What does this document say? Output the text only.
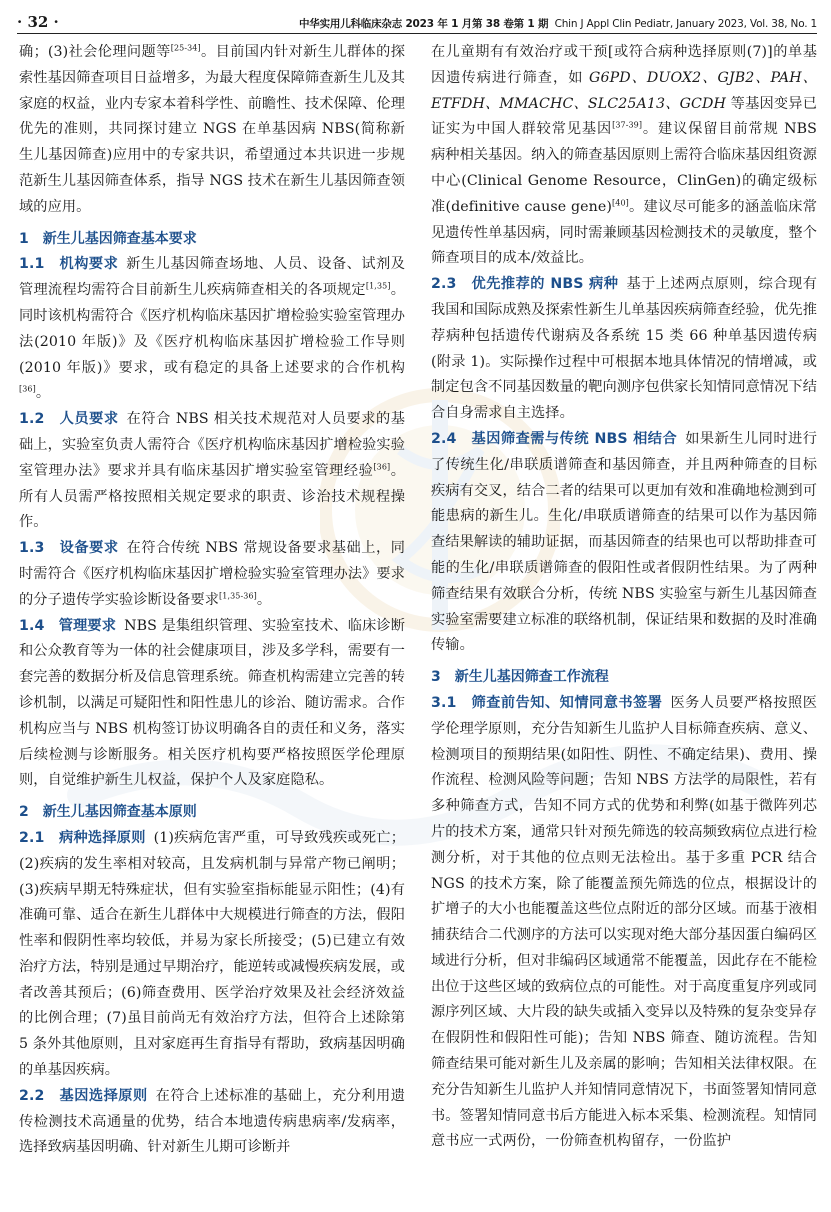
· 32 ·	中华实用儿科临床杂志 2023 年 1 月第 38 卷第 1 期 Chin J Appl Clin Pediatr, January 2023, Vol. 38, No. 1

确；(3)社会伦理问题等[25-34]。目前国内针对新生儿群体的探索性基因筛查项目日益增多，为最大程度保障筛查新生儿及其家庭的权益，业内专家本着科学性、前瞻性、技术保障、伦理优先的准则，共同探讨建立 NGS 在单基因病 NBS(简称新生儿基因筛查)应用中的专家共识，希望通过本共识进一步规范新生儿基因筛查体系，指导 NGS 技术在新生儿基因筛查领域的应用。

1　新生儿基因筛查基本要求

1.1　机构要求 新生儿基因筛查场地、人员、设备、试剂及管理流程均需符合目前新生儿疾病筛查相关的各项规定[1,35]。同时该机构需符合《医疗机构临床基因扩增检验实验室管理办法(2010 年版)》及《医疗机构临床基因扩增检验工作导则(2010 年版)》要求，或有稳定的具备上述要求的合作机构[36]。

1.2　人员要求 在符合 NBS 相关技术规范对人员要求的基础上，实验室负责人需符合《医疗机构临床基因扩增检验实验室管理办法》要求并具有临床基因扩增实验室管理经验[36]。所有人员需严格按照相关规定要求的职责、诊治技术规程操作。

1.3　设备要求 在符合传统 NBS 常规设备要求基础上，同时需符合《医疗机构临床基因扩增检验实验室管理办法》要求的分子遗传学实验诊断设备要求[1,35-36]。

1.4　管理要求 NBS 是集组织管理、实验室技术、临床诊断和公众教育等为一体的社会健康项目，涉及多学科，需要有一套完善的数据分析及信息管理系统。筛查机构需建立完善的转诊机制，以满足可疑阳性和阳性患儿的诊治、随访需求。合作机构应当与 NBS 机构签订协议明确各自的责任和义务，落实后续检测与诊断服务。相关医疗机构要严格按照医学伦理原则，自觉维护新生儿权益，保护个人及家庭隐私。

2　新生儿基因筛查基本原则

2.1　病种选择原则 (1)疾病危害严重，可导致残疾或死亡；(2)疾病的发生率相对较高，且发病机制与异常产物已阐明；(3)疾病早期无特殊症状，但有实验室指标能显示阳性；(4)有准确可靠、适合在新生儿群体中大规模进行筛查的方法，假阳性率和假阴性率均较低，并易为家长所接受；(5)已建立有效治疗方法，特别是通过早期治疗，能逆转或减慢疾病发展，或者改善其预后；(6)筛查费用、医学治疗效果及社会经济效益的比例合理；(7)虽目前尚无有效治疗方法，但符合上述除第 5 条外其他原则，且对家庭再生育指导有帮助，致病基因明确的单基因疾病。

2.2　基因选择原则 在符合上述标准的基础上，充分利用遗传检测技术高通量的优势，结合本地遗传病患病率/发病率，选择致病基因明确、针对新生儿期可诊断并

在儿童期有有效治疗或干预[或符合病种选择原则(7)]的单基因遗传病进行筛查，如 G6PD、DUOX2、GJB2、PAH、ETFDH、MMACHC、SLC25A13、GCDH 等基因变异已证实为中国人群较常见基因[37-39]。建议保留目前常规 NBS 病种相关基因。纳入的筛查基因原则上需符合临床基因组资源中心(Clinical Genome Resource，ClinGen)的确定级标准(definitive cause gene)[40]。建议尽可能多的涵盖临床常见遗传性单基因病，同时需兼顾基因检测技术的灵敏度，整个筛查项目的成本/效益比。

2.3　优先推荐的 NBS 病种 基于上述两点原则，综合现有我国和国际成熟及探索性新生儿单基因疾病筛查经验，优先推荐病种包括遗传代谢病及各系统 15 类 66 种单基因遗传病(附录 1)。实际操作过程中可根据本地具体情况的情增减，或制定包含不同基因数量的靶向测序包供家长知情同意情况下结合自身需求自主选择。

2.4　基因筛查需与传统 NBS 相结合 如果新生儿同时进行了传统生化/串联质谱筛查和基因筛查，并且两种筛查的目标疾病有交叉，结合二者的结果可以更加有效和准确地检测到可能患病的新生儿。生化/串联质谱筛查的结果可以作为基因筛查结果解读的辅助证据，而基因筛查的结果也可以帮助排查可能的生化/串联质谱筛查的假阳性或者假阴性结果。为了两种筛查结果有效联合分析，传统 NBS 实验室与新生儿基因筛查实验室需要建立标准的联络机制，保证结果和数据的及时准确传输。

3　新生儿基因筛查工作流程

3.1　筛查前告知、知情同意书签署 医务人员要严格按照医学伦理学原则，充分告知新生儿监护人目标筛查疾病、意义、检测项目的预期结果(如阳性、阴性、不确定结果)、费用、操作流程、检测风险等问题；告知 NBS 方法学的局限性，若有多种筛查方式，告知不同方式的优势和利弊(如基于微阵列芯片的技术方案，通常只针对预先筛选的较高频致病位点进行检测分析，对于其他的位点则无法检出。基于多重 PCR 结合 NGS 的技术方案，除了能覆盖预先筛选的位点，根据设计的扩增子的大小也能覆盖这些位点附近的部分区域。而基于液相捕获结合二代测序的方法可以实现对绝大部分基因蛋白编码区域进行分析，但对非编码区域通常不能覆盖，因此存在不能检出位于这些区域的致病位点的可能性。对于高度重复序列或同源序列区域、大片段的缺失或插入变异以及特殊的复杂变异存在假阴性和假阳性可能)；告知 NBS 筛查、随访流程。告知筛查结果可能对新生儿及亲属的影响；告知相关法律权限。在充分告知新生儿监护人并知情同意情况下，书面签署知情同意书。签署知情同意书后方能进入标本采集、检测流程。知情同意书应一式两份，一份筛查机构留存，一份监护
